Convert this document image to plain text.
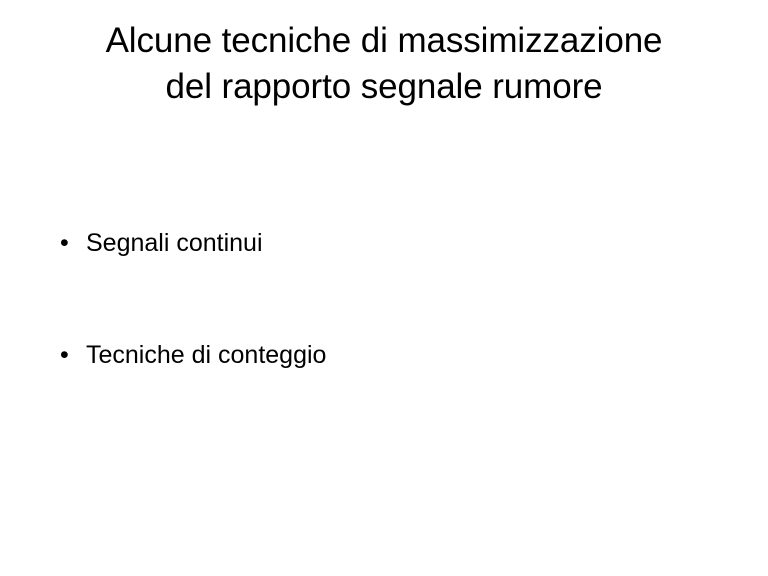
Alcune tecniche di massimizzazione
del rapporto segnale rumore
• Segnali continui
• Tecniche di conteggio
